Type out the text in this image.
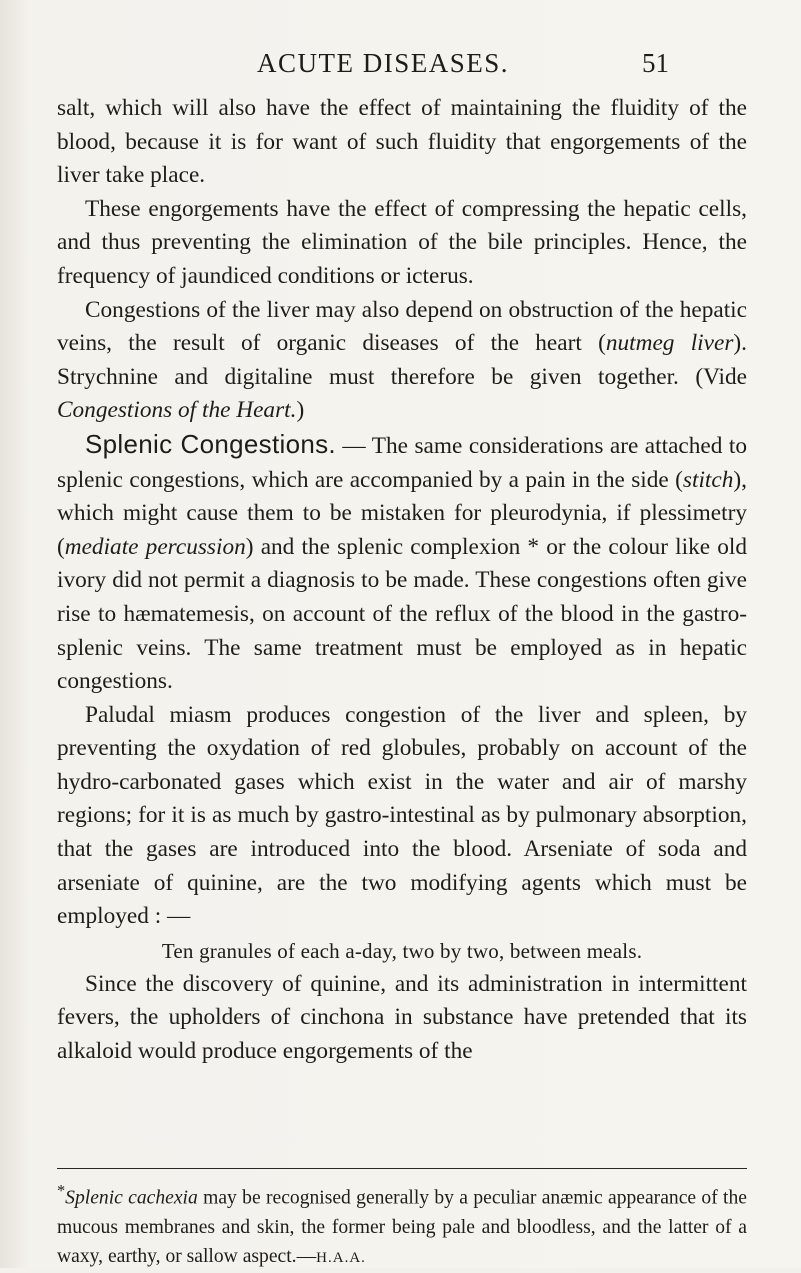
ACUTE DISEASES.	51

salt, which will also have the effect of maintaining the fluidity of the blood, because it is for want of such fluidity that engorgements of the liver take place.

These engorgements have the effect of compressing the hepatic cells, and thus preventing the elimination of the bile principles. Hence, the frequency of jaundiced conditions or icterus.

Congestions of the liver may also depend on obstruction of the hepatic veins, the result of organic diseases of the heart (nutmeg liver). Strychnine and digitaline must therefore be given together. (Vide Congestions of the Heart.)

Splenic Congestions. — The same considerations are attached to splenic congestions, which are accompanied by a pain in the side (stitch), which might cause them to be mistaken for pleurodynia, if plessimetry (mediate percussion) and the splenic complexion * or the colour like old ivory did not permit a diagnosis to be made. These congestions often give rise to hæmatemesis, on account of the reflux of the blood in the gastro-splenic veins. The same treatment must be employed as in hepatic congestions.

Paludal miasm produces congestion of the liver and spleen, by preventing the oxydation of red globules, probably on account of the hydro-carbonated gases which exist in the water and air of marshy regions; for it is as much by gastro-intestinal as by pulmonary absorption, that the gases are introduced into the blood. Arseniate of soda and arseniate of quinine, are the two modifying agents which must be employed : —

Ten granules of each a-day, two by two, between meals.

Since the discovery of quinine, and its administration in intermittent fevers, the upholders of cinchona in substance have pretended that its alkaloid would produce engorgements of the

*Splenic cachexia may be recognised generally by a peculiar anæmic appearance of the mucous membranes and skin, the former being pale and bloodless, and the latter of a waxy, earthy, or sallow aspect.—H.A.A.
